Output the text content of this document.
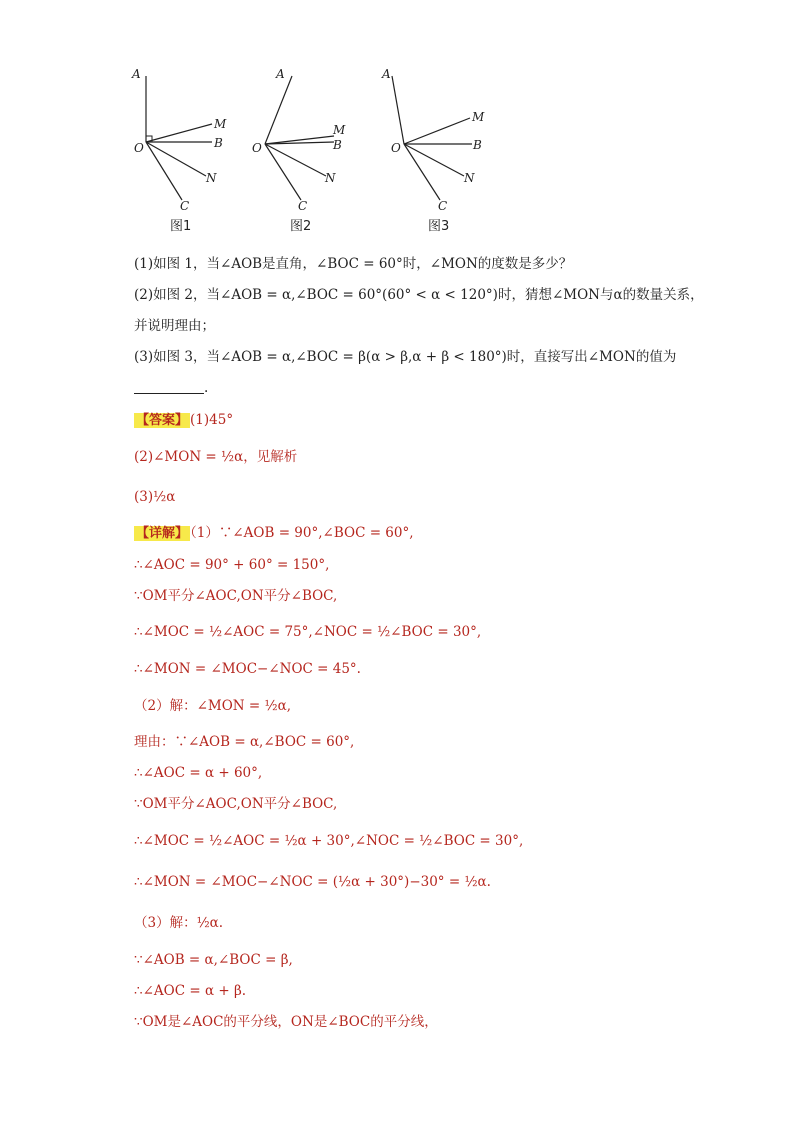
A
O
M
B
N
C
图1
A
O
M
B
N
C
图2
A
O
M
B
N
C
图3
(1)如图 1，当∠AOB是直角，∠BOC = 60°时，∠MON的度数是多少？
(2)如图 2，当∠AOB = α,∠BOC = 60°(60° < α < 120°)时，猜想∠MON与α的数量关系，
并说明理由；
(3)如图 3，当∠AOB = α,∠BOC = β(α > β,α + β < 180°)时，直接写出∠MON的值为
.
【答案】 (1)45°
(2)∠MON = ½α，见解析
(3)½α
【详解】 （1）∵∠AOB = 90°,∠BOC = 60°,
∴∠AOC = 90° + 60° = 150°,
∵OM平分∠AOC,ON平分∠BOC,
∴∠MOC = ½∠AOC = 75°,∠NOC = ½∠BOC = 30°,
∴∠MON = ∠MOC−∠NOC = 45°.
（2）解：∠MON = ½α,
理由：∵∠AOB = α,∠BOC = 60°,
∴∠AOC = α + 60°,
∵OM平分∠AOC,ON平分∠BOC,
∴∠MOC = ½∠AOC = ½α + 30°,∠NOC = ½∠BOC = 30°,
∴∠MON = ∠MOC−∠NOC = (½α + 30°)−30° = ½α.
（3）解：½α.
∵∠AOB = α,∠BOC = β,
∴∠AOC = α + β.
∵OM是∠AOC的平分线，ON是∠BOC的平分线，
